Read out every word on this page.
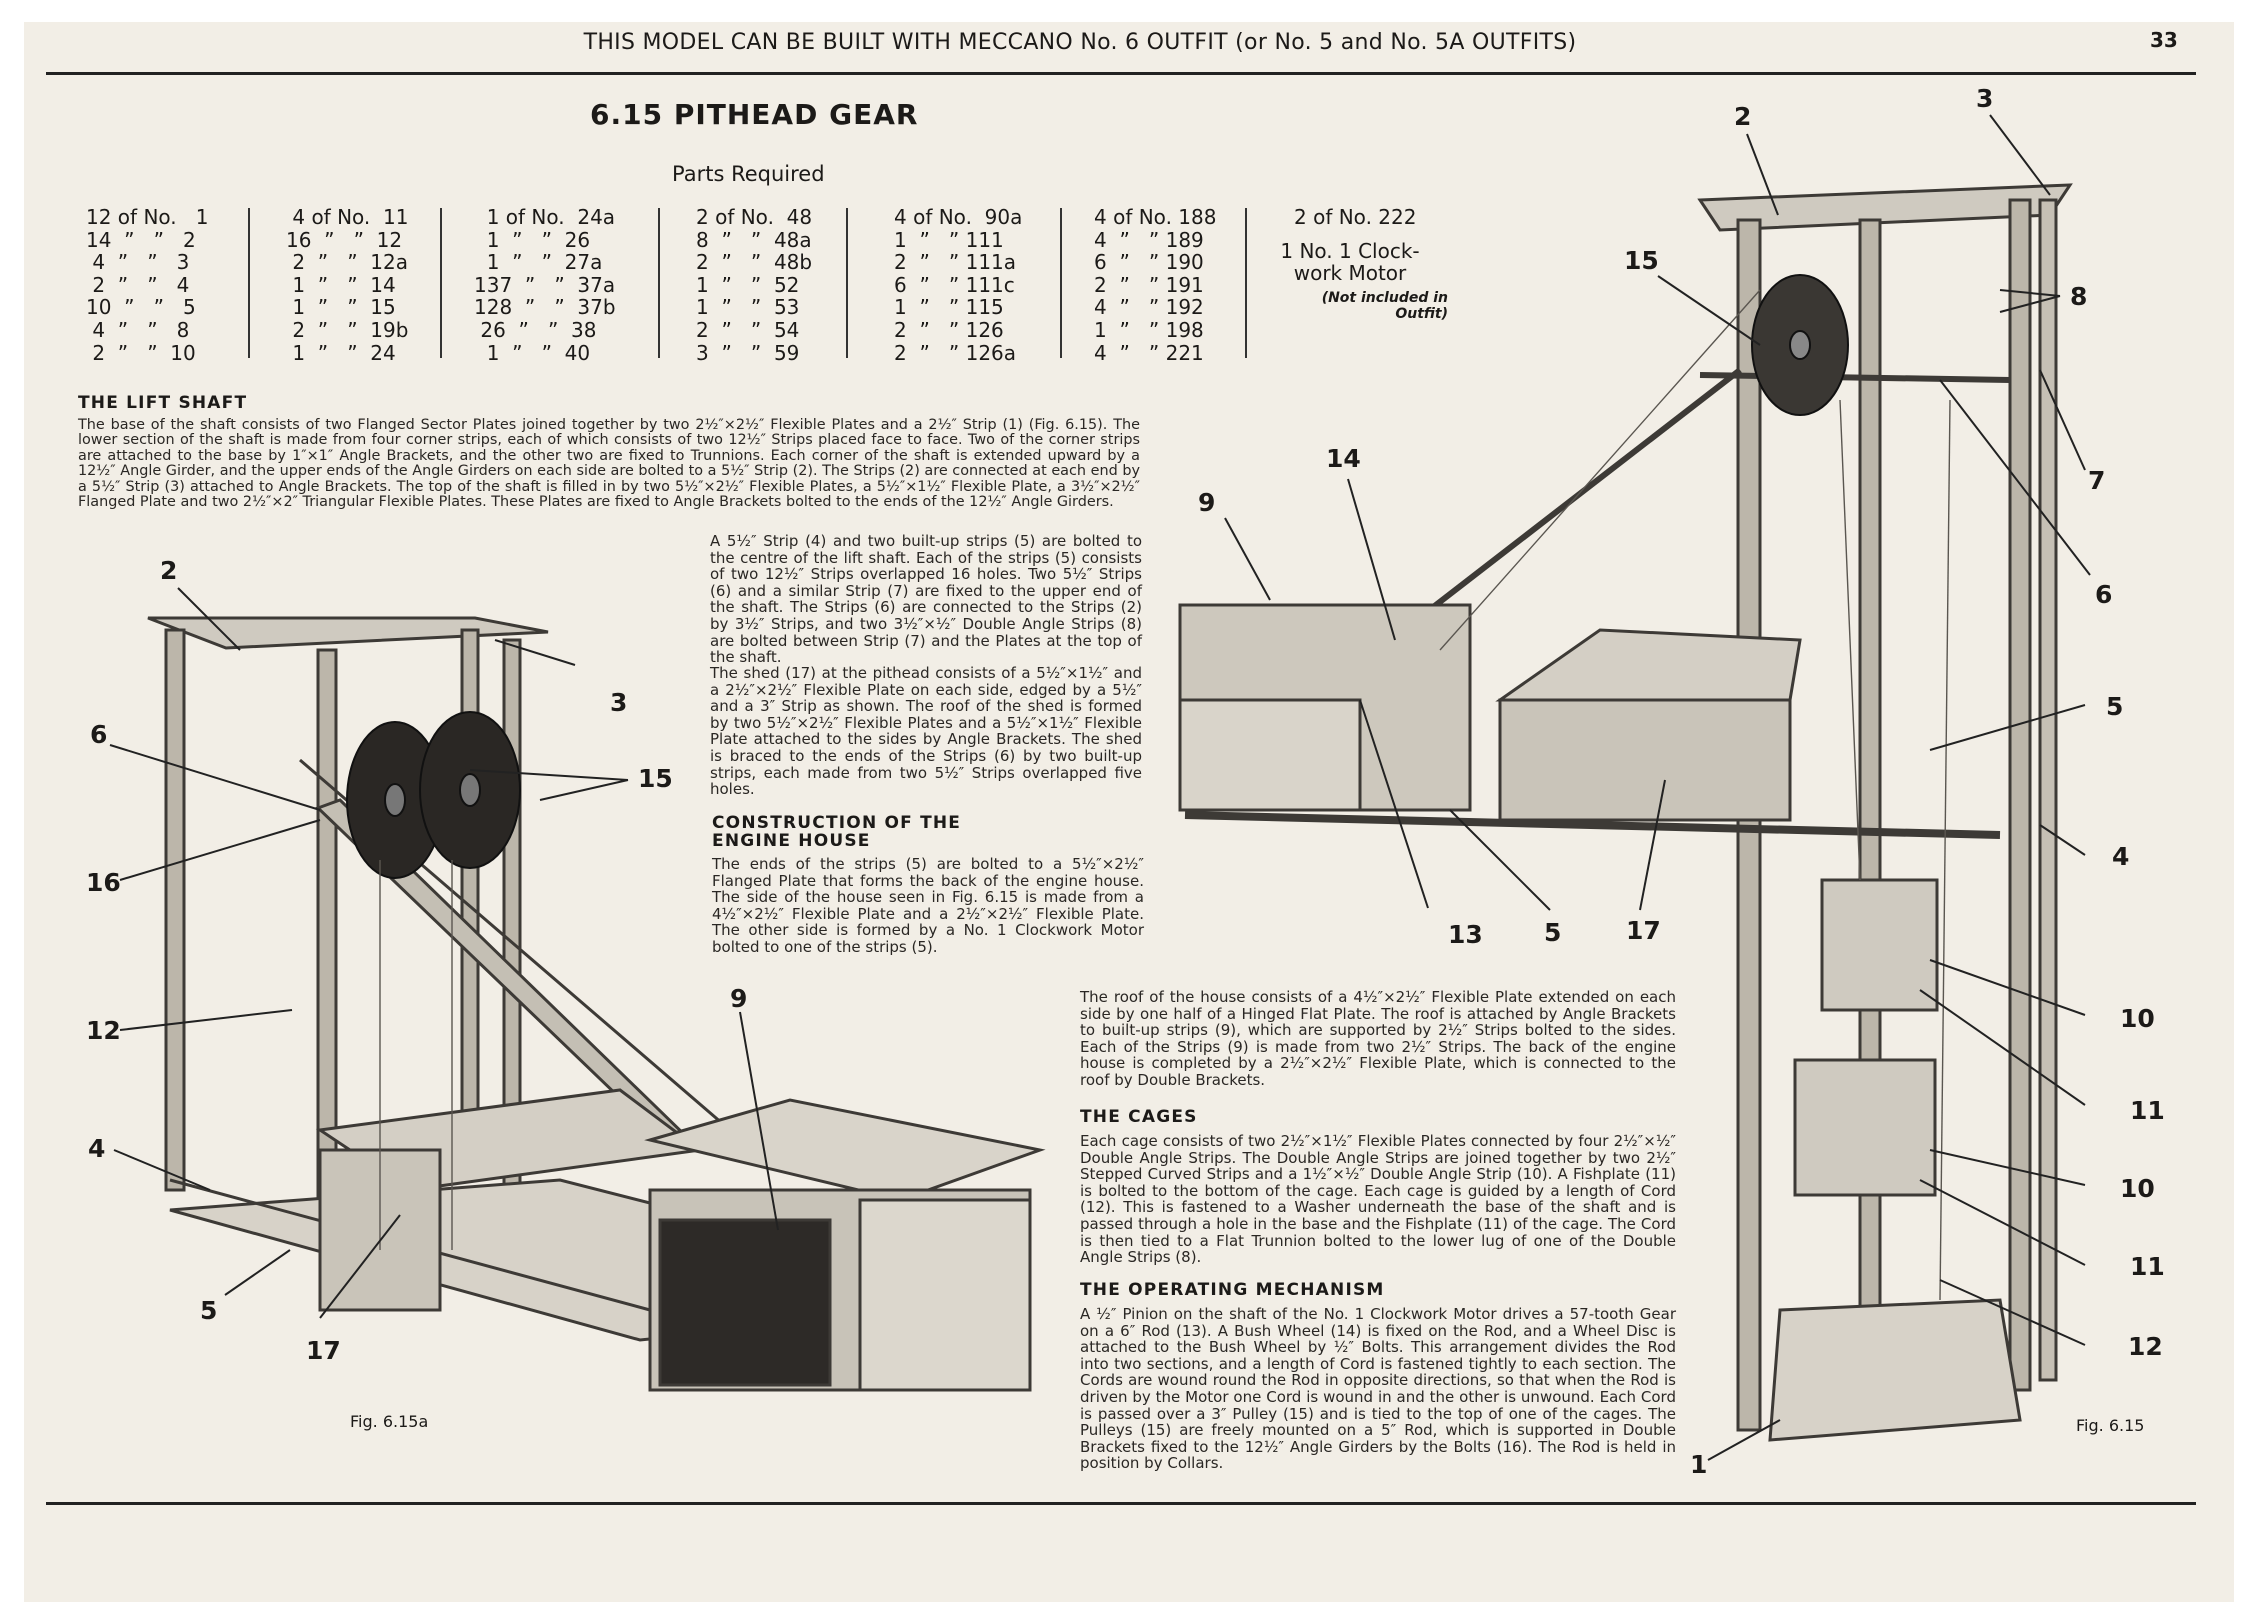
THIS MODEL CAN BE BUILT WITH MECCANO No. 6 OUTFIT (or No. 5 and No. 5A OUTFITS)	33
6.15 PITHEAD GEAR
Parts Required
12 of No.   1
14  ”   ”   2
4  ”   ”   3
2  ”   ”   4
10  ”   ”   5
4  ”   ”   8
2  ”   ”  10
4 of No.  11
16  ”   ”  12
2  ”   ”  12a
1  ”   ”  14
1  ”   ”  15
2  ”   ”  19b
1  ”   ”  24
1 of No.  24a
1  ”   ”  26
1  ”   ”  27a
137  ”   ”  37a
128  ”   ”  37b
26  ”   ”  38
1  ”   ”  40
2 of No.  48
8  ”   ”  48a
2  ”   ”  48b
1  ”   ”  52
1  ”   ”  53
2  ”   ”  54
3  ”   ”  59
4 of No.  90a
1  ”   ” 111
2  ”   ” 111a
6  ”   ” 111c
1  ”   ” 115
2  ”   ” 126
2  ”   ” 126a
4 of No. 188
4  ”   ” 189
6  ”   ” 190
2  ”   ” 191
4  ”   ” 192
1  ”   ” 198
4  ”   ” 221
2 of No. 222
1 No. 1 Clock-
work Motor
(Not included in
Outfit)
THE LIFT SHAFT
The base of the shaft consists of two Flanged Sector Plates joined together by two 2½″×2½″ Flexible Plates and a 2½″ Strip (1) (Fig. 6.15). The lower section of the shaft is made from four corner strips, each of which consists of two 12½″ Strips placed face to face. Two of the corner strips are attached to the base by 1″×1″ Angle Brackets, and the other two are fixed to Trunnions. Each corner of the shaft is extended upward by a 12½″ Angle Girder, and the upper ends of the Angle Girders on each side are bolted to a 5½″ Strip (2). The Strips (2) are connected at each end by a 5½″ Strip (3) attached to Angle Brackets. The top of the shaft is filled in by two 5½″×2½″ Flexible Plates, a 5½″×1½″ Flexible Plate, a 3½″×2½″ Flanged Plate and two 2½″×2″ Triangular Flexible Plates. These Plates are fixed to Angle Brackets bolted to the ends of the 12½″ Angle Girders.
A 5½″ Strip (4) and two built-up strips (5) are bolted to the centre of the lift shaft. Each of the strips (5) consists of two 12½″ Strips overlapped 16 holes. Two 5½″ Strips (6) and a similar Strip (7) are fixed to the upper end of the shaft. The Strips (6) are connected to the Strips (2) by 3½″ Strips, and two 3½″×½″ Double Angle Strips (8) are bolted between Strip (7) and the Plates at the top of the shaft.
The shed (17) at the pithead consists of a 5½″×1½″ and a 2½″×2½″ Flexible Plate on each side, edged by a 5½″ and a 3″ Strip as shown. The roof of the shed is formed by two 5½″×2½″ Flexible Plates and a 5½″×1½″ Flexible Plate attached to the sides by Angle Brackets. The shed is braced to the ends of the Strips (6) by two built-up strips, each made from two 5½″ Strips overlapped five holes.
CONSTRUCTION OF THE
ENGINE HOUSE
The ends of the strips (5) are bolted to a 5½″×2½″ Flanged Plate that forms the back of the engine house. The side of the house seen in Fig. 6.15 is made from a 4½″×2½″ Flexible Plate and a 2½″×2½″ Flexible Plate. The other side is formed by a No. 1 Clockwork Motor bolted to one of the strips (5).
The roof of the house consists of a 4½″×2½″ Flexible Plate extended on each side by one half of a Hinged Flat Plate. The roof is attached by Angle Brackets to built-up strips (9), which are supported by 2½″ Strips bolted to the sides. Each of the Strips (9) is made from two 2½″ Strips. The back of the engine house is completed by a 2½″×2½″ Flexible Plate, which is connected to the roof by Double Brackets.
THE CAGES
Each cage consists of two 2½″×1½″ Flexible Plates connected by four 2½″×½″ Double Angle Strips. The Double Angle Strips are joined together by two 2½″ Stepped Curved Strips and a 1½″×½″ Double Angle Strip (10). A Fishplate (11) is bolted to the bottom of the cage. Each cage is guided by a length of Cord (12). This is fastened to a Washer underneath the base of the shaft and is passed through a hole in the base and the Fishplate (11) of the cage. The Cord is then tied to a Flat Trunnion bolted to the lower lug of one of the Double Angle Strips (8).
THE OPERATING MECHANISM
A ½″ Pinion on the shaft of the No. 1 Clockwork Motor drives a 57-tooth Gear on a 6″ Rod (13). A Bush Wheel (14) is fixed on the Rod, and a Wheel Disc is attached to the Bush Wheel by ½″ Bolts. This arrangement divides the Rod into two sections, and a length of Cord is fastened tightly to each section. The Cords are wound round the Rod in opposite directions, so that when the Rod is driven by the Motor one Cord is wound in and the other is unwound. Each Cord is passed over a 3″ Pulley (15) and is tied to the top of one of the cages. The Pulleys (15) are freely mounted on a 5″ Rod, which is supported in Double Brackets fixed to the 12½″ Angle Girders by the Bolts (16). The Rod is held in position by Collars.
2
3
6
15
16
12
4
9
5
17
Fig. 6.15a
2
3
15
8
7
14
9
6
5
4
13 5	17
10
11
10
11
12
1
Fig. 6.15
